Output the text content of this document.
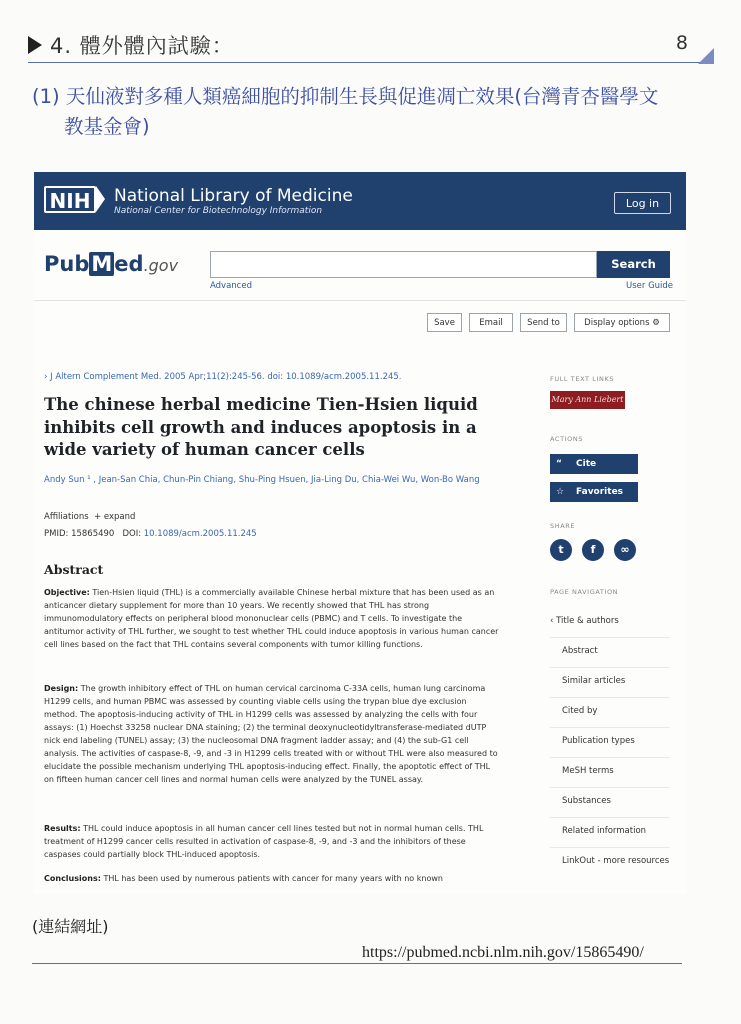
4. 體外體內試驗：	8
(1) 天仙液對多種人類癌細胞的抑制生長與促進凋亡效果(台灣青杏醫學文
教基金會)
NIH	National Library of Medicine
National Center for Biotechnology Information
Log in
PubMed.gov	Search
Advanced	User Guide
Save	Email	Send to	Display options ⚙
› J Altern Complement Med. 2005 Apr;11(2):245-56. doi: 10.1089/acm.2005.11.245.
The chinese herbal medicine Tien-Hsien liquid inhibits cell growth and induces apoptosis in a wide variety of human cancer cells
Andy Sun ¹ , Jean-San Chia, Chun-Pin Chiang, Shu-Ping Hsuen, Jia-Ling Du, Chia-Wei Wu, Won-Bo Wang
Affiliations + expand
PMID: 15865490 DOI: 10.1089/acm.2005.11.245
Abstract

Objective: Tien-Hsien liquid (THL) is a commercially available Chinese herbal mixture that has been used as an anticancer dietary supplement for more than 10 years. We recently showed that THL has strong immunomodulatory effects on peripheral blood mononuclear cells (PBMC) and T cells. To investigate the antitumor activity of THL further, we sought to test whether THL could induce apoptosis in various human cancer cell lines based on the fact that THL contains several components with tumor killing functions.

Design: The growth inhibitory effect of THL on human cervical carcinoma C-33A cells, human lung carcinoma H1299 cells, and human PBMC was assessed by counting viable cells using the trypan blue dye exclusion method. The apoptosis-inducing activity of THL in H1299 cells was assessed by analyzing the cells with four assays: (1) Hoechst 33258 nuclear DNA staining; (2) the terminal deoxynucleotidyltransferase-mediated dUTP nick end labeling (TUNEL) assay; (3) the nucleosomal DNA fragment ladder assay; and (4) the sub-G1 cell analysis. The activities of caspase-8, -9, and -3 in H1299 cells treated with or without THL were also measured to elucidate the possible mechanism underlying THL apoptosis-inducing effect. Finally, the apoptotic effect of THL on fifteen human cancer cell lines and normal human cells were analyzed by the TUNEL assay.

Results: THL could induce apoptosis in all human cancer cell lines tested but not in normal human cells. THL treatment of H1299 cancer cells resulted in activation of caspase-8, -9, and -3 and the inhibitors of these caspases could partially block THL-induced apoptosis.

Conclusions: THL has been used by numerous patients with cancer for many years with no known

FULL TEXT LINKS
Mary Ann Liebert
ACTIONS
“ Cite
☆ Favorites
SHARE
t	f	∞
PAGE NAVIGATION
‹ Title & authors
Abstract
Similar articles
Cited by
Publication types
MeSH terms
Substances
Related information
LinkOut - more resources
(連結網址)
https://pubmed.ncbi.nlm.nih.gov/15865490/
